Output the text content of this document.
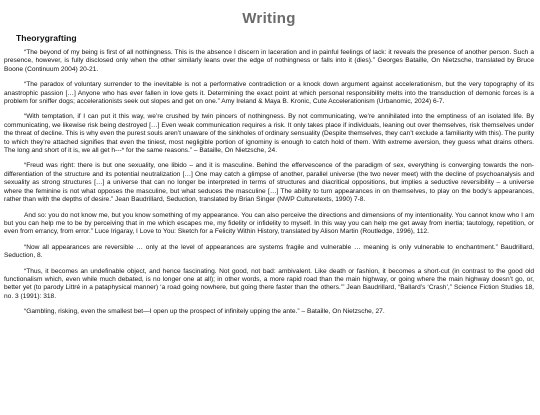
Writing
Theorygrafting

“The beyond of my being is first of all nothingness. This is the absence I discern in laceration and in painful feelings of lack: it reveals the presence of another person. Such a presence, however, is fully disclosed only when the other similarly leans over the edge of nothingness or falls into it (dies).” Georges Bataille, On Nietzsche, translated by Bruce Boone (Continuum 2004) 20-21.

“The paradox of voluntary surrender to the inevitable is not a performative contradiction or a knock down argument against accelerationism, but the very topography of its anastrophic passion […] Anyone who has ever fallen in love gets it. Determining the exact point at which personal responsibility melts into the transduction of demonic forces is a problem for sniffer dogs; accelerationists seek out slopes and get on one.” Amy Ireland & Maya B. Kronic, Cute Accelerationism (Urbanomic, 2024) 6-7.

“With temptation, if I can put it this way, we’re crushed by twin pincers of nothingness. By not communicating, we’re annihilated into the emptiness of an isolated life. By communicating, we likewise risk being destroyed […] Even weak communication requires a risk. It only takes place if individuals, leaning out over themselves, risk themselves under the threat of decline. This is why even the purest souls aren’t unaware of the sinkholes of ordinary sensuality (Despite themselves, they can’t exclude a familiarity with this). The purity to which they’re attached signifies that even the tiniest, most negligible portion of ignominy is enough to catch hold of them. With extreme aversion, they guess what drains others. The long and short of it is, we all get h---* for the same reasons.” – Bataille, On Nietzsche, 24.

“Freud was right: there is but one sexuality, one libido – and it is masculine. Behind the effervescence of the paradigm of sex, everything is converging towards the non-differentiation of the structure and its potential neutralization […] One may catch a glimpse of another, parallel universe (the two never meet) with the decline of psychoanalysis and sexuality as strong structures […] a universe that can no longer be interpreted in terms of structures and diacritical oppositions, but implies a seductive reversibility – a universe where the feminine is not what opposes the masculine, but what seduces the masculine […] The ability to turn appearances in on themselves, to play on the body’s appearances, rather than with the depths of desire.” Jean Baudrillard, Seduction, translated by Brian Singer (NWP Culturetexts, 1990) 7-8.

And so: you do not know me, but you know something of my appearance. You can also perceive the directions and dimensions of my intentionality. You cannot know who I am but you can help me to be by perceiving that in me which escapes me, my fidelity or infidelity to myself. In this way you can help me get away from inertia; tautology, repetition, or even from errancy, from error.” Luce Irigaray, I Love to You: Sketch for a Felicity Within History, translated by Alison Martin (Routledge, 1996), 112.

“Now all appearances are reversible … only at the level of appearances are systems fragile and vulnerable … meaning is only vulnerable to enchantment.” Baudrillard, Seduction, 8.

“Thus, it becomes an undefinable object, and hence fascinating. Not good, not bad: ambivalent. Like death or fashion, it becomes a short-cut (in contrast to the good old functionalism which, even while much debated, is no longer one at all); in other words, a more rapid road than the main highway, or going where the main highway doesn’t go, or, better yet (to parody Littré in a pataphysical manner) ‘a road going nowhere, but going there faster than the others.’” Jean Baudrillard, “Ballard’s ‘Crash’,” Science Fiction Studies 18, no. 3 (1991): 318.

“Gambling, risking, even the smallest bet—I open up the prospect of infinitely upping the ante.” – Bataille, On Nietzsche, 27.
